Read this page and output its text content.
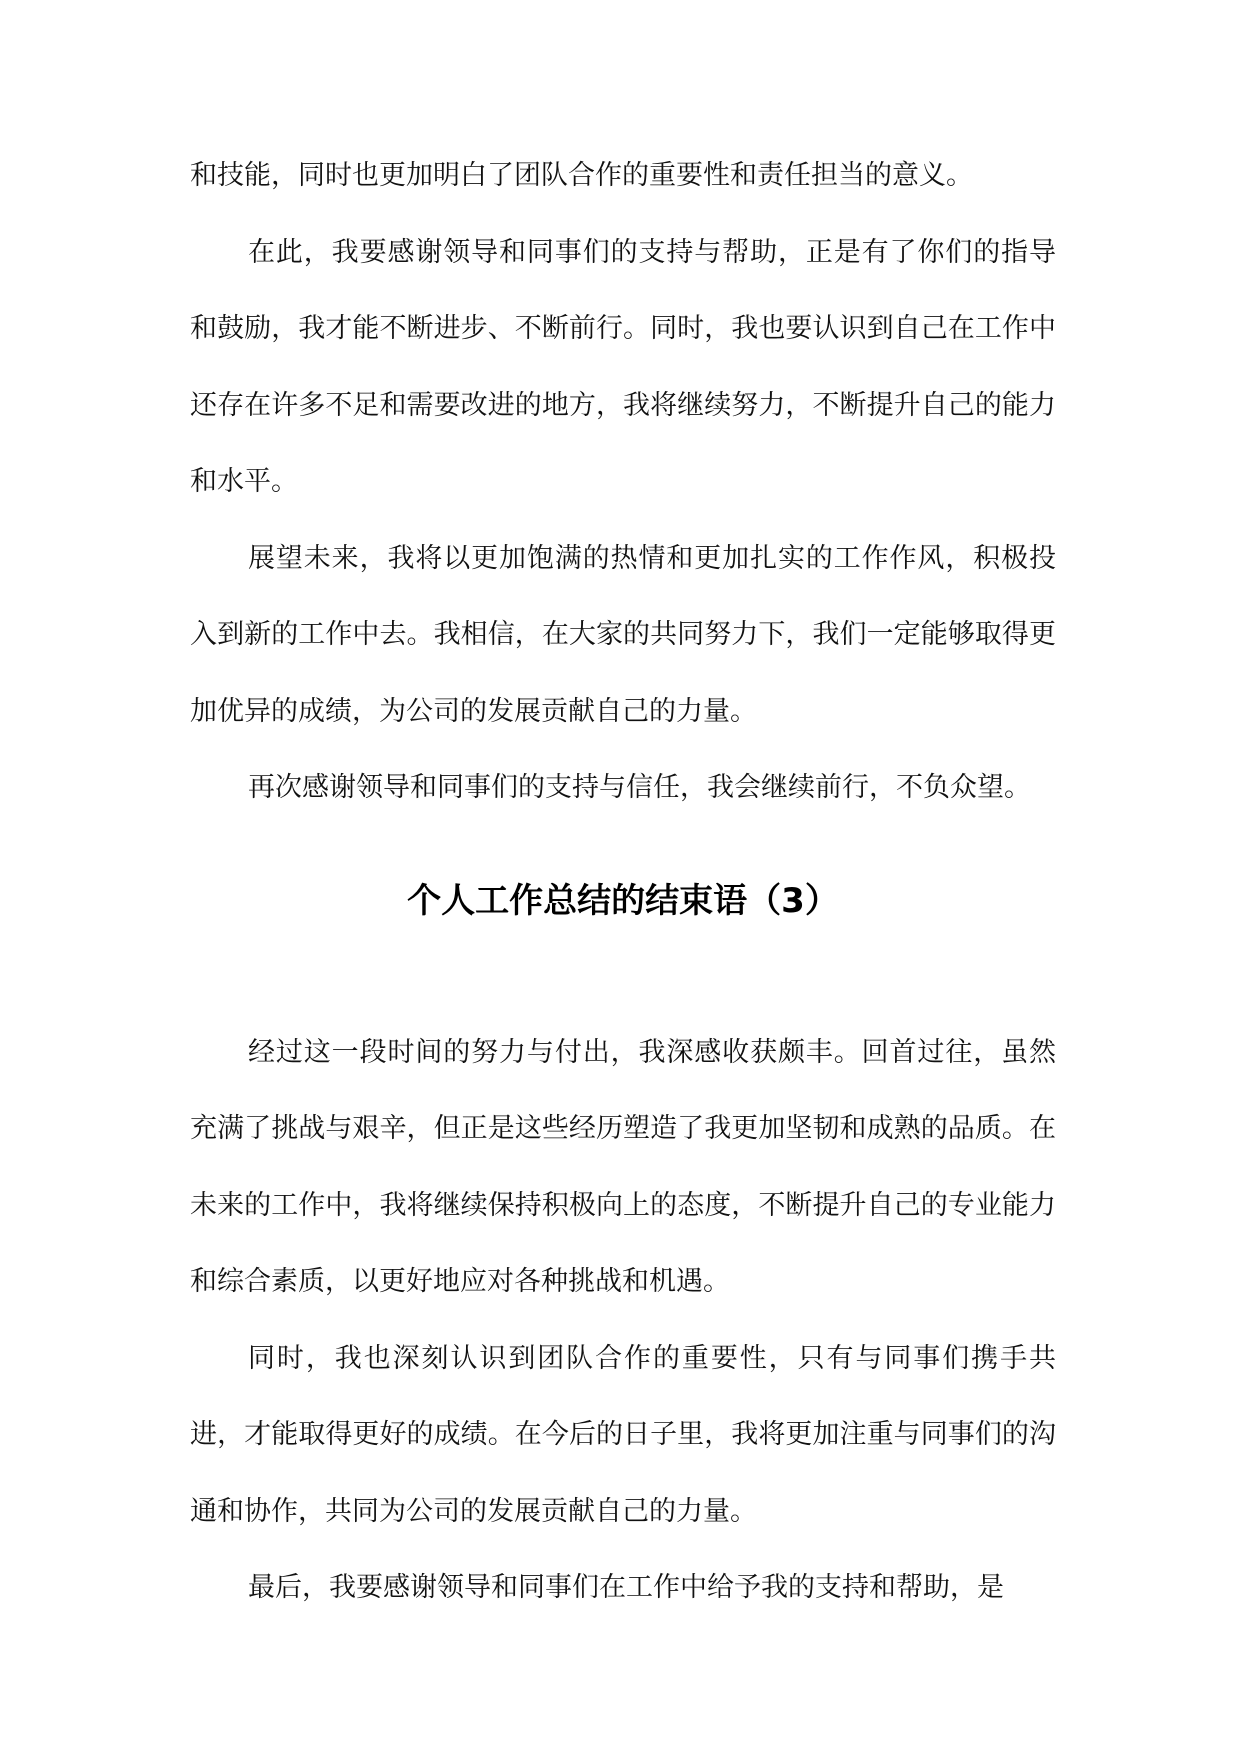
和技能，同时也更加明白了团队合作的重要性和责任担当的意义。

在此，我要感谢领导和同事们的支持与帮助，正是有了你们的指导和鼓励，我才能不断进步、不断前行。同时，我也要认识到自己在工作中还存在许多不足和需要改进的地方，我将继续努力，不断提升自己的能力和水平。

展望未来，我将以更加饱满的热情和更加扎实的工作作风，积极投入到新的工作中去。我相信，在大家的共同努力下，我们一定能够取得更加优异的成绩，为公司的发展贡献自己的力量。

再次感谢领导和同事们的支持与信任，我会继续前行，不负众望。

个人工作总结的结束语（3）

经过这一段时间的努力与付出，我深感收获颇丰。回首过往，虽然充满了挑战与艰辛，但正是这些经历塑造了我更加坚韧和成熟的品质。在未来的工作中，我将继续保持积极向上的态度，不断提升自己的专业能力和综合素质，以更好地应对各种挑战和机遇。

同时，我也深刻认识到团队合作的重要性，只有与同事们携手共进，才能取得更好的成绩。在今后的日子里，我将更加注重与同事们的沟通和协作，共同为公司的发展贡献自己的力量。

最后，我要感谢领导和同事们在工作中给予我的支持和帮助，是
